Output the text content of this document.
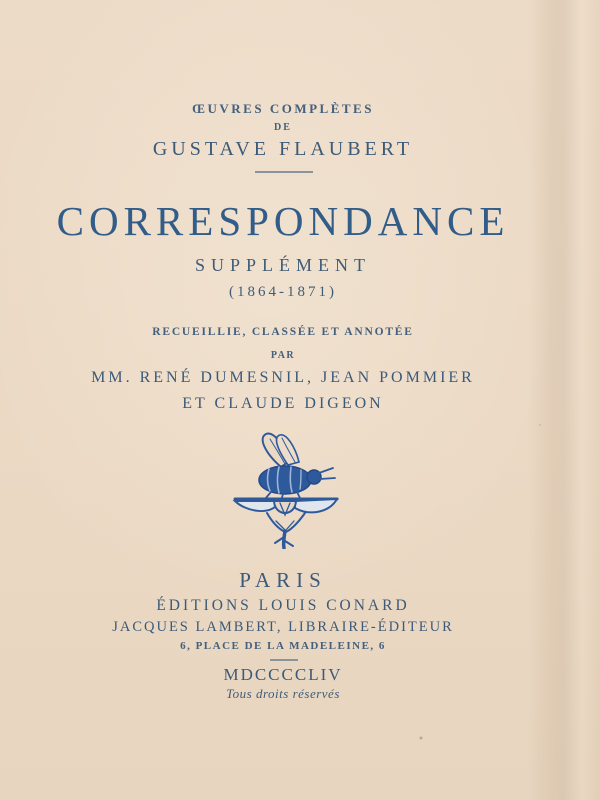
ŒUVRES COMPLÈTES
DE
GUSTAVE FLAUBERT
CORRESPONDANCE
SUPPLÉMENT
(1864-1871)
RECUEILLIE, CLASSÉE ET ANNOTÉE
PAR
MM. RENÉ DUMESNIL, JEAN POMMIER
ET CLAUDE DIGEON
PARIS
ÉDITIONS LOUIS CONARD
JACQUES LAMBERT, LIBRAIRE-ÉDITEUR
6, PLACE DE LA MADELEINE, 6
MDCCCCLIV
Tous droits réservés
